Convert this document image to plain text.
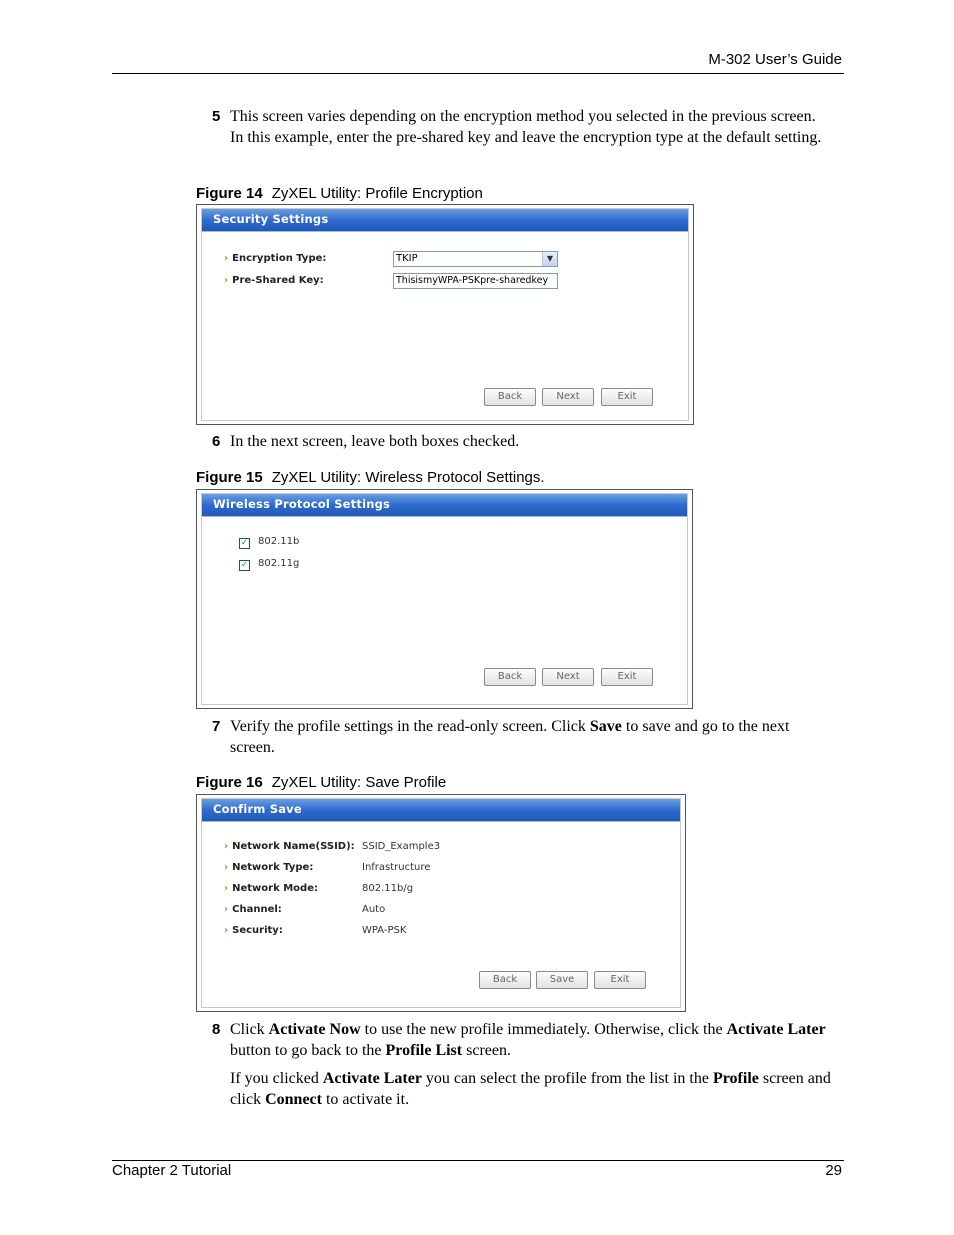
M-302 User’s Guide
5 This screen varies depending on the encryption method you selected in the previous screen. In this example, enter the pre-shared key and leave the encryption type at the default setting.
Figure 14 ZyXEL Utility: Profile Encryption
Security Settings
› Encryption Type:	TKIP	▼
› Pre-Shared Key:	ThisismyWPA-PSKpre-sharedkey
Back	Next	Exit
6 In the next screen, leave both boxes checked.
Figure 15 ZyXEL Utility: Wireless Protocol Settings.
Wireless Protocol Settings
✓ 802.11b
✓ 802.11g
Back	Next	Exit
7 Verify the profile settings in the read-only screen. Click Save to save and go to the next screen.
Figure 16 ZyXEL Utility: Save Profile
Confirm Save
› Network Name(SSID): SSID_Example3
› Network Type:	Infrastructure
› Network Mode:	802.11b/g
› Channel:	Auto
› Security:	WPA-PSK
Back	Save	Exit
8 Click Activate Now to use the new profile immediately. Otherwise, click the Activate Later button to go back to the Profile List screen.
If you clicked Activate Later you can select the profile from the list in the Profile screen and click Connect to activate it.
Chapter 2 Tutorial	29
